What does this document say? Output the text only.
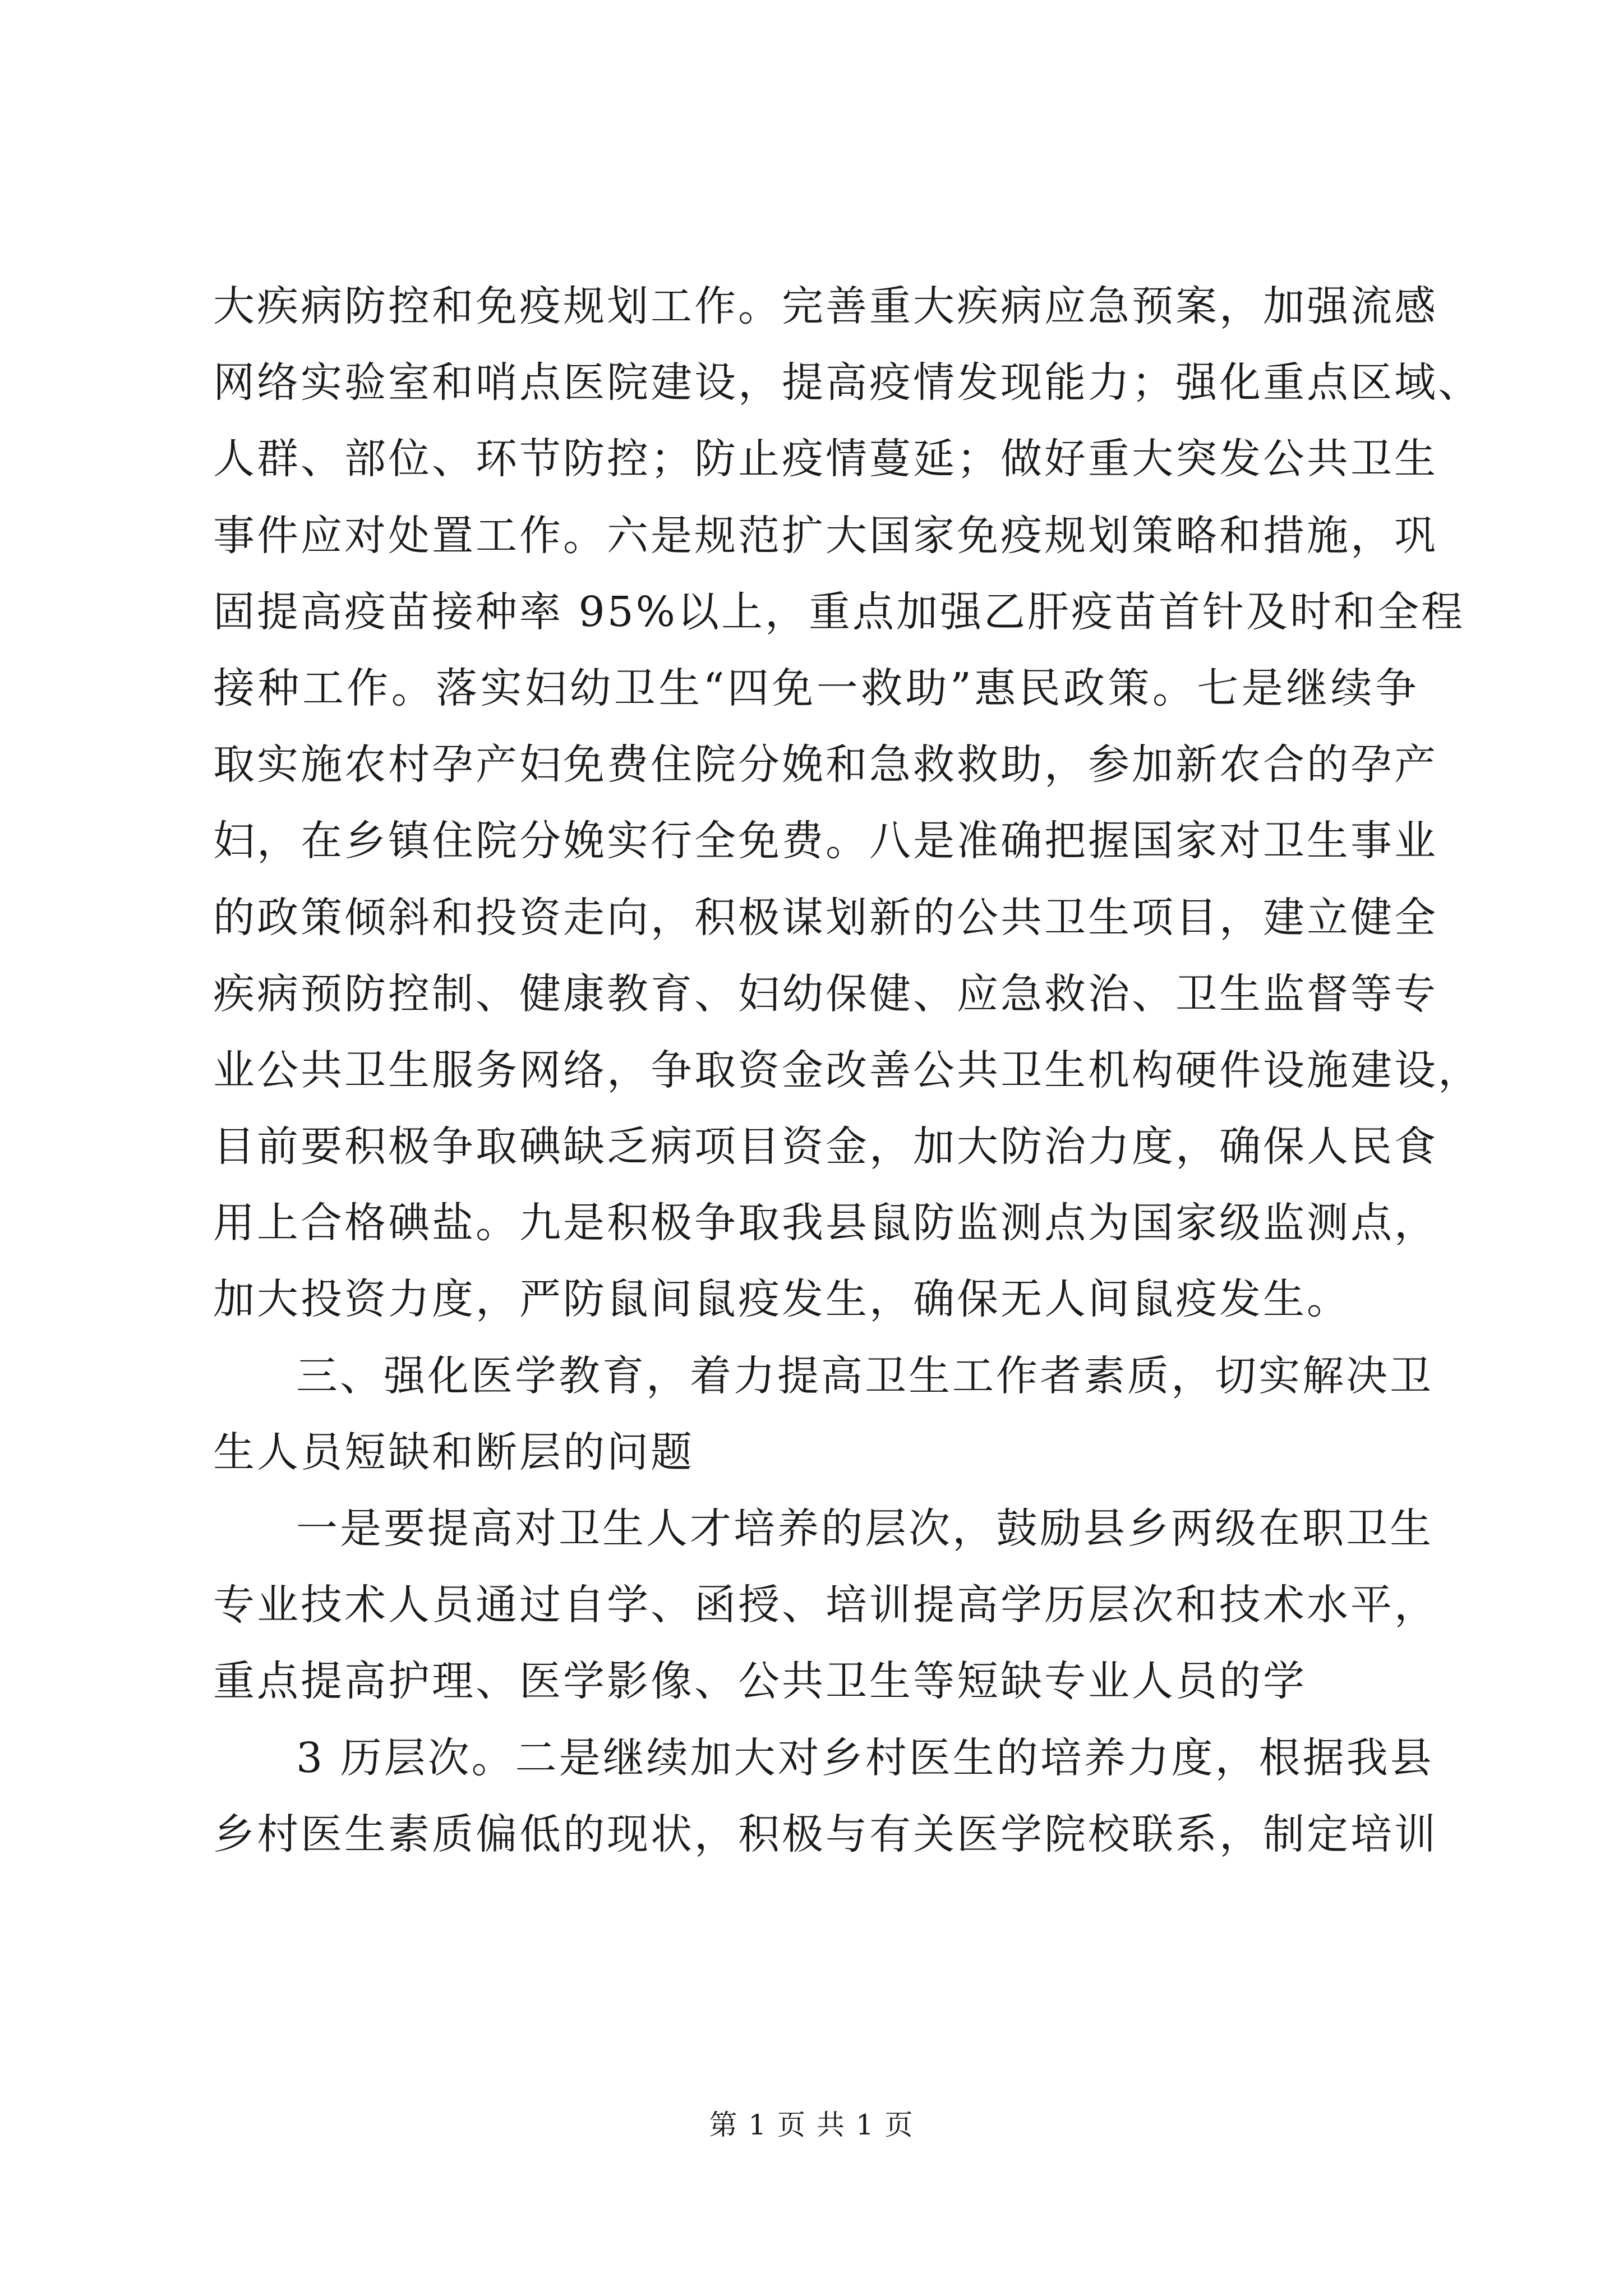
大疾病防控和免疫规划工作。完善重大疾病应急预案，加强流感
网络实验室和哨点医院建设，提高疫情发现能力；强化重点区域、
人群、部位、环节防控；防止疫情蔓延；做好重大突发公共卫生
事件应对处置工作。六是规范扩大国家免疫规划策略和措施，巩
固提高疫苗接种率 95%以上，重点加强乙肝疫苗首针及时和全程
接种工作。落实妇幼卫生“四免一救助”惠民政策。七是继续争
取实施农村孕产妇免费住院分娩和急救救助，参加新农合的孕产
妇，在乡镇住院分娩实行全免费。八是准确把握国家对卫生事业
的政策倾斜和投资走向，积极谋划新的公共卫生项目，建立健全
疾病预防控制、健康教育、妇幼保健、应急救治、卫生监督等专
业公共卫生服务网络，争取资金改善公共卫生机构硬件设施建设，
目前要积极争取碘缺乏病项目资金，加大防治力度，确保人民食
用上合格碘盐。九是积极争取我县鼠防监测点为国家级监测点，
加大投资力度，严防鼠间鼠疫发生，确保无人间鼠疫发生。
三、强化医学教育，着力提高卫生工作者素质，切实解决卫
生人员短缺和断层的问题
一是要提高对卫生人才培养的层次，鼓励县乡两级在职卫生
专业技术人员通过自学、函授、培训提高学历层次和技术水平，
重点提高护理、医学影像、公共卫生等短缺专业人员的学
3 历层次。二是继续加大对乡村医生的培养力度，根据我县
乡村医生素质偏低的现状，积极与有关医学院校联系，制定培训
第 1 页 共 1 页
